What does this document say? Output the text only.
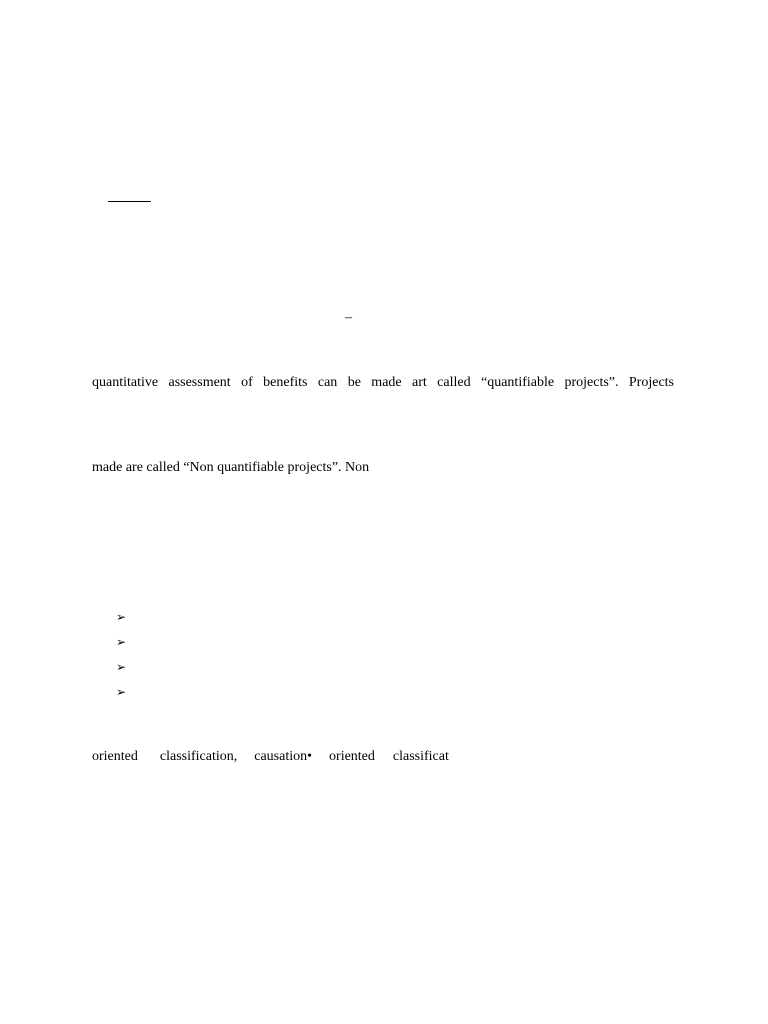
–
quantitative assessment of benefits can be made art called “quantifiable projects”. Projects
made are called “Non quantifiable projects”. Non
➢
➢
➢
➢
oriented classification, causation• oriented classificat
